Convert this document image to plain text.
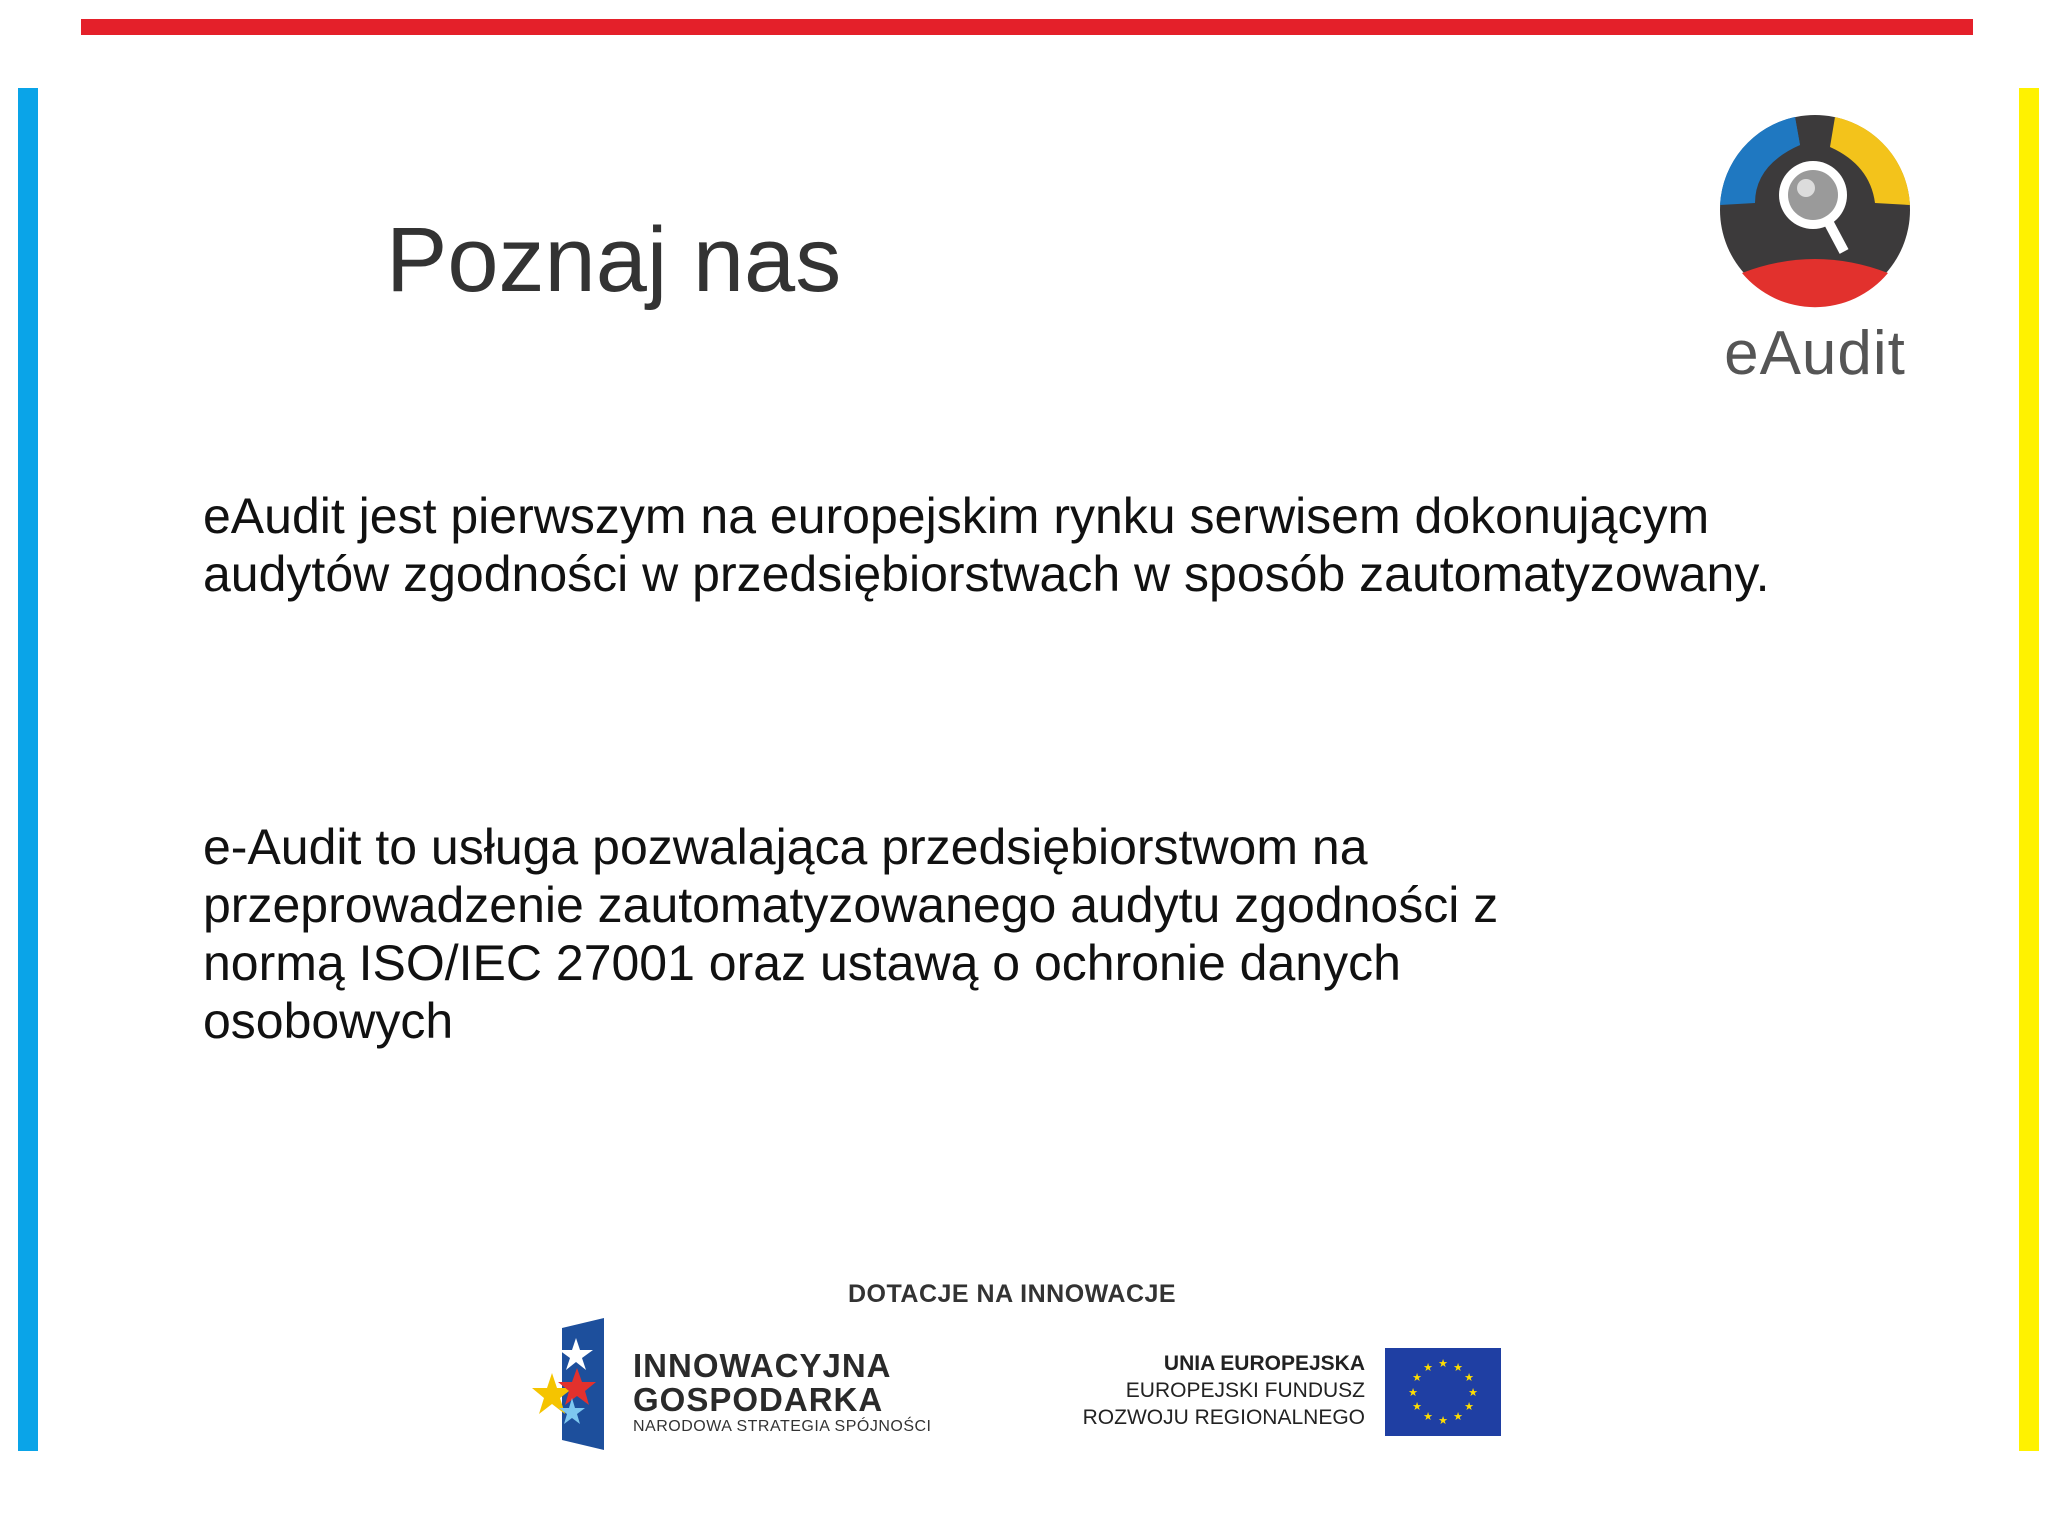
Poznaj nas
eAudit

eAudit jest pierwszym na europejskim rynku serwisem dokonującym audytów zgodności w przedsiębiorstwach w sposób zautomatyzowany.

e-Audit to usługa pozwalająca przedsiębiorstwom na przeprowadzenie zautomatyzowanego audytu zgodności z normą ISO/IEC 27001 oraz ustawą o ochronie danych osobowych

DOTACJE NA INNOWACJE
INNOWACYJNA
GOSPODARKA
NARODOWA STRATEGIA SPÓJNOŚCI
UNIA EUROPEJSKA
EUROPEJSKI FUNDUSZ
ROZWOJU REGIONALNEGO
★ ★
★
★
★
★
★
★
★
★
★
★
